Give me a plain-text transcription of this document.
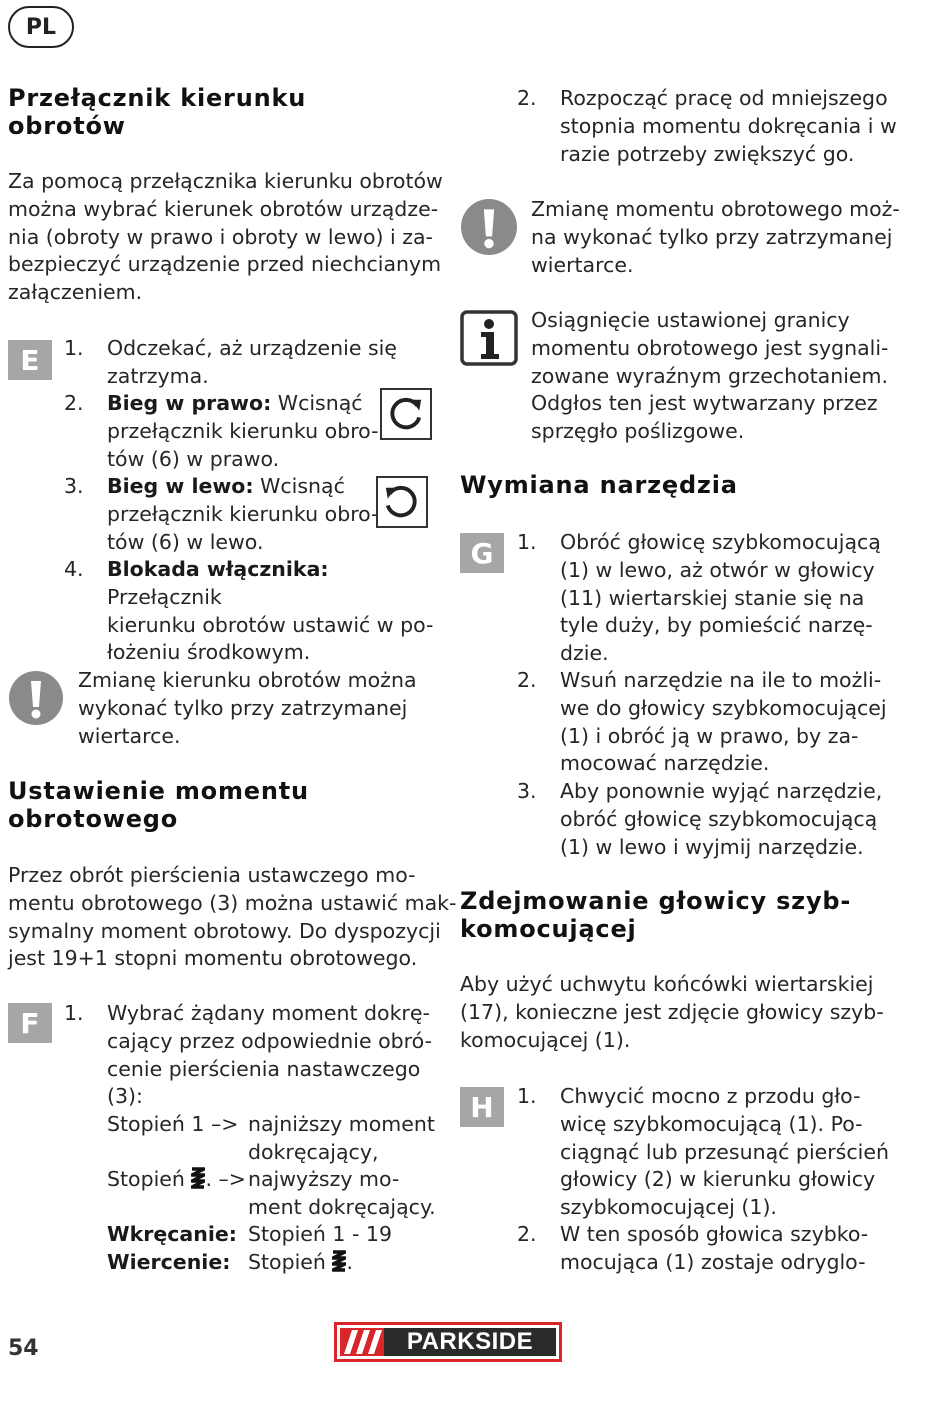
PL
Przełącznik kierunku
obrotów
Za pomocą przełącznika kierunku obrotów
można wybrać kierunek obrotów urządze-
nia (obroty w prawo i obroty w lewo) i za-
bezpieczyć urządzenie przed niechcianym
załączeniem.
E	1. Odczekać, aż urządzenie się
zatrzyma.
2. Bieg w prawo: Wcisnąć
przełącznik kierunku obro-
tów (6) w prawo.
3. Bieg w lewo: Wcisnąć
przełącznik kierunku obro-
tów (6) w lewo.
4. Blokada włącznika: Przełącznik
kierunku obrotów ustawić w po-
łożeniu środkowym.
Zmianę kierunku obrotów można
wykonać tylko przy zatrzymanej
wiertarce.
Ustawienie momentu
obrotowego
Przez obrót pierścienia ustawczego mo-
mentu obrotowego (3) można ustawić mak-
symalny moment obrotowy. Do dyspozycji
jest 19+1 stopni momentu obrotowego.
F	1. Wybrać żądany moment dokrę-
cający przez odpowiednie obró-
cenie pierścienia nastawczego
(3):
Stopień 1 –> najniższy moment
dokręcający,
Stopień . –> najwyższy mo-
ment dokręcający.
Wkręcanie: Stopień 1 - 19
Wiercenie: Stopień .
2. Rozpocząć pracę od mniejszego
stopnia momentu dokręcania i w
razie potrzeby zwiększyć go.
Zmianę momentu obrotowego moż-
na wykonać tylko przy zatrzymanej
wiertarce.
Osiągnięcie ustawionej granicy
momentu obrotowego jest sygnali-
zowane wyraźnym grzechotaniem.
Odgłos ten jest wytwarzany przez
sprzęgło poślizgowe.
Wymiana narzędzia
G	1. Obróć głowicę szybkomocującą
(1) w lewo, aż otwór w głowicy
(11) wiertarskiej stanie się na
tyle duży, by pomieścić narzę-
dzie.
2. Wsuń narzędzie na ile to możli-
we do głowicy szybkomocującej
(1) i obróć ją w prawo, by za-
mocować narzędzie.
3. Aby ponownie wyjąć narzędzie,
obróć głowicę szybkomocującą
(1) w lewo i wyjmij narzędzie.
Zdejmowanie głowicy szyb-
komocującej
Aby użyć uchwytu końcówki wiertarskiej
(17), konieczne jest zdjęcie głowicy szyb-
komocującej (1).
H	1. Chwycić mocno z przodu gło-
wicę szybkomocującą (1). Po-
ciągnąć lub przesunąć pierścień
głowicy (2) w kierunku głowicy
szybkomocującej (1).
2. W ten sposób głowica szybko-
mocująca (1) zostaje odryglo-
54	PARKSIDE
